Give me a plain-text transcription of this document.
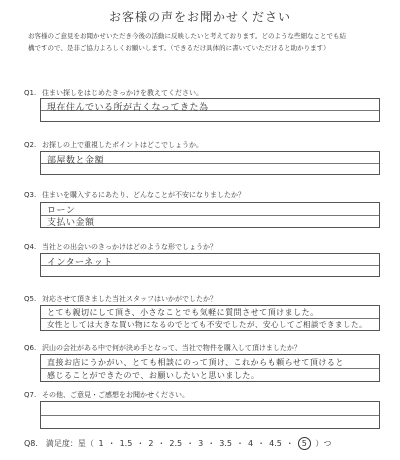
お客様の声をお聞かせください
お客様のご意見をお聞かせいただき今後の活動に反映したいと考えております。どのような些細なことでも結
構ですので、是非ご協力よろしくお願いします。（できるだけ具体的に書いていただけると助かります）
Q1. 住まい探しをはじめたきっかけを教えてください。
現在住んでいる所が古くなってきた為
Q2. お探しの上で重視したポイントはどこでしょうか。
部屋数と金額
Q3. 住まいを購入するにあたり、どんなことが不安になりましたか？
ローン
支払い金額
Q4. 当社との出会いのきっかけはどのような形でしょうか？
インターネット
Q5. 対応させて頂きました当社スタッフはいかがでしたか？
とても親切にして頂き、小さなことでも気軽に質問させて頂けました。
女性としては大きな買い物になるのでとても不安でしたが、安心してご相談できました。
Q6. 沢山の会社がある中で何が決め手となって、当社で物件を購入して頂けましたか？
直接お店にうかがい、とても相談にのって頂け、これからも頼らせて頂けると
感じることができたので、お願いしたいと思いました。
Q7. その他、ご意見・ご感想をお聞かせください。
Q8.　満足度：星（ 1 ・ 1.5 ・ 2 ・ 2.5 ・ 3 ・ 3.5 ・ 4 ・ 4.5 ・ 5 ）つ
